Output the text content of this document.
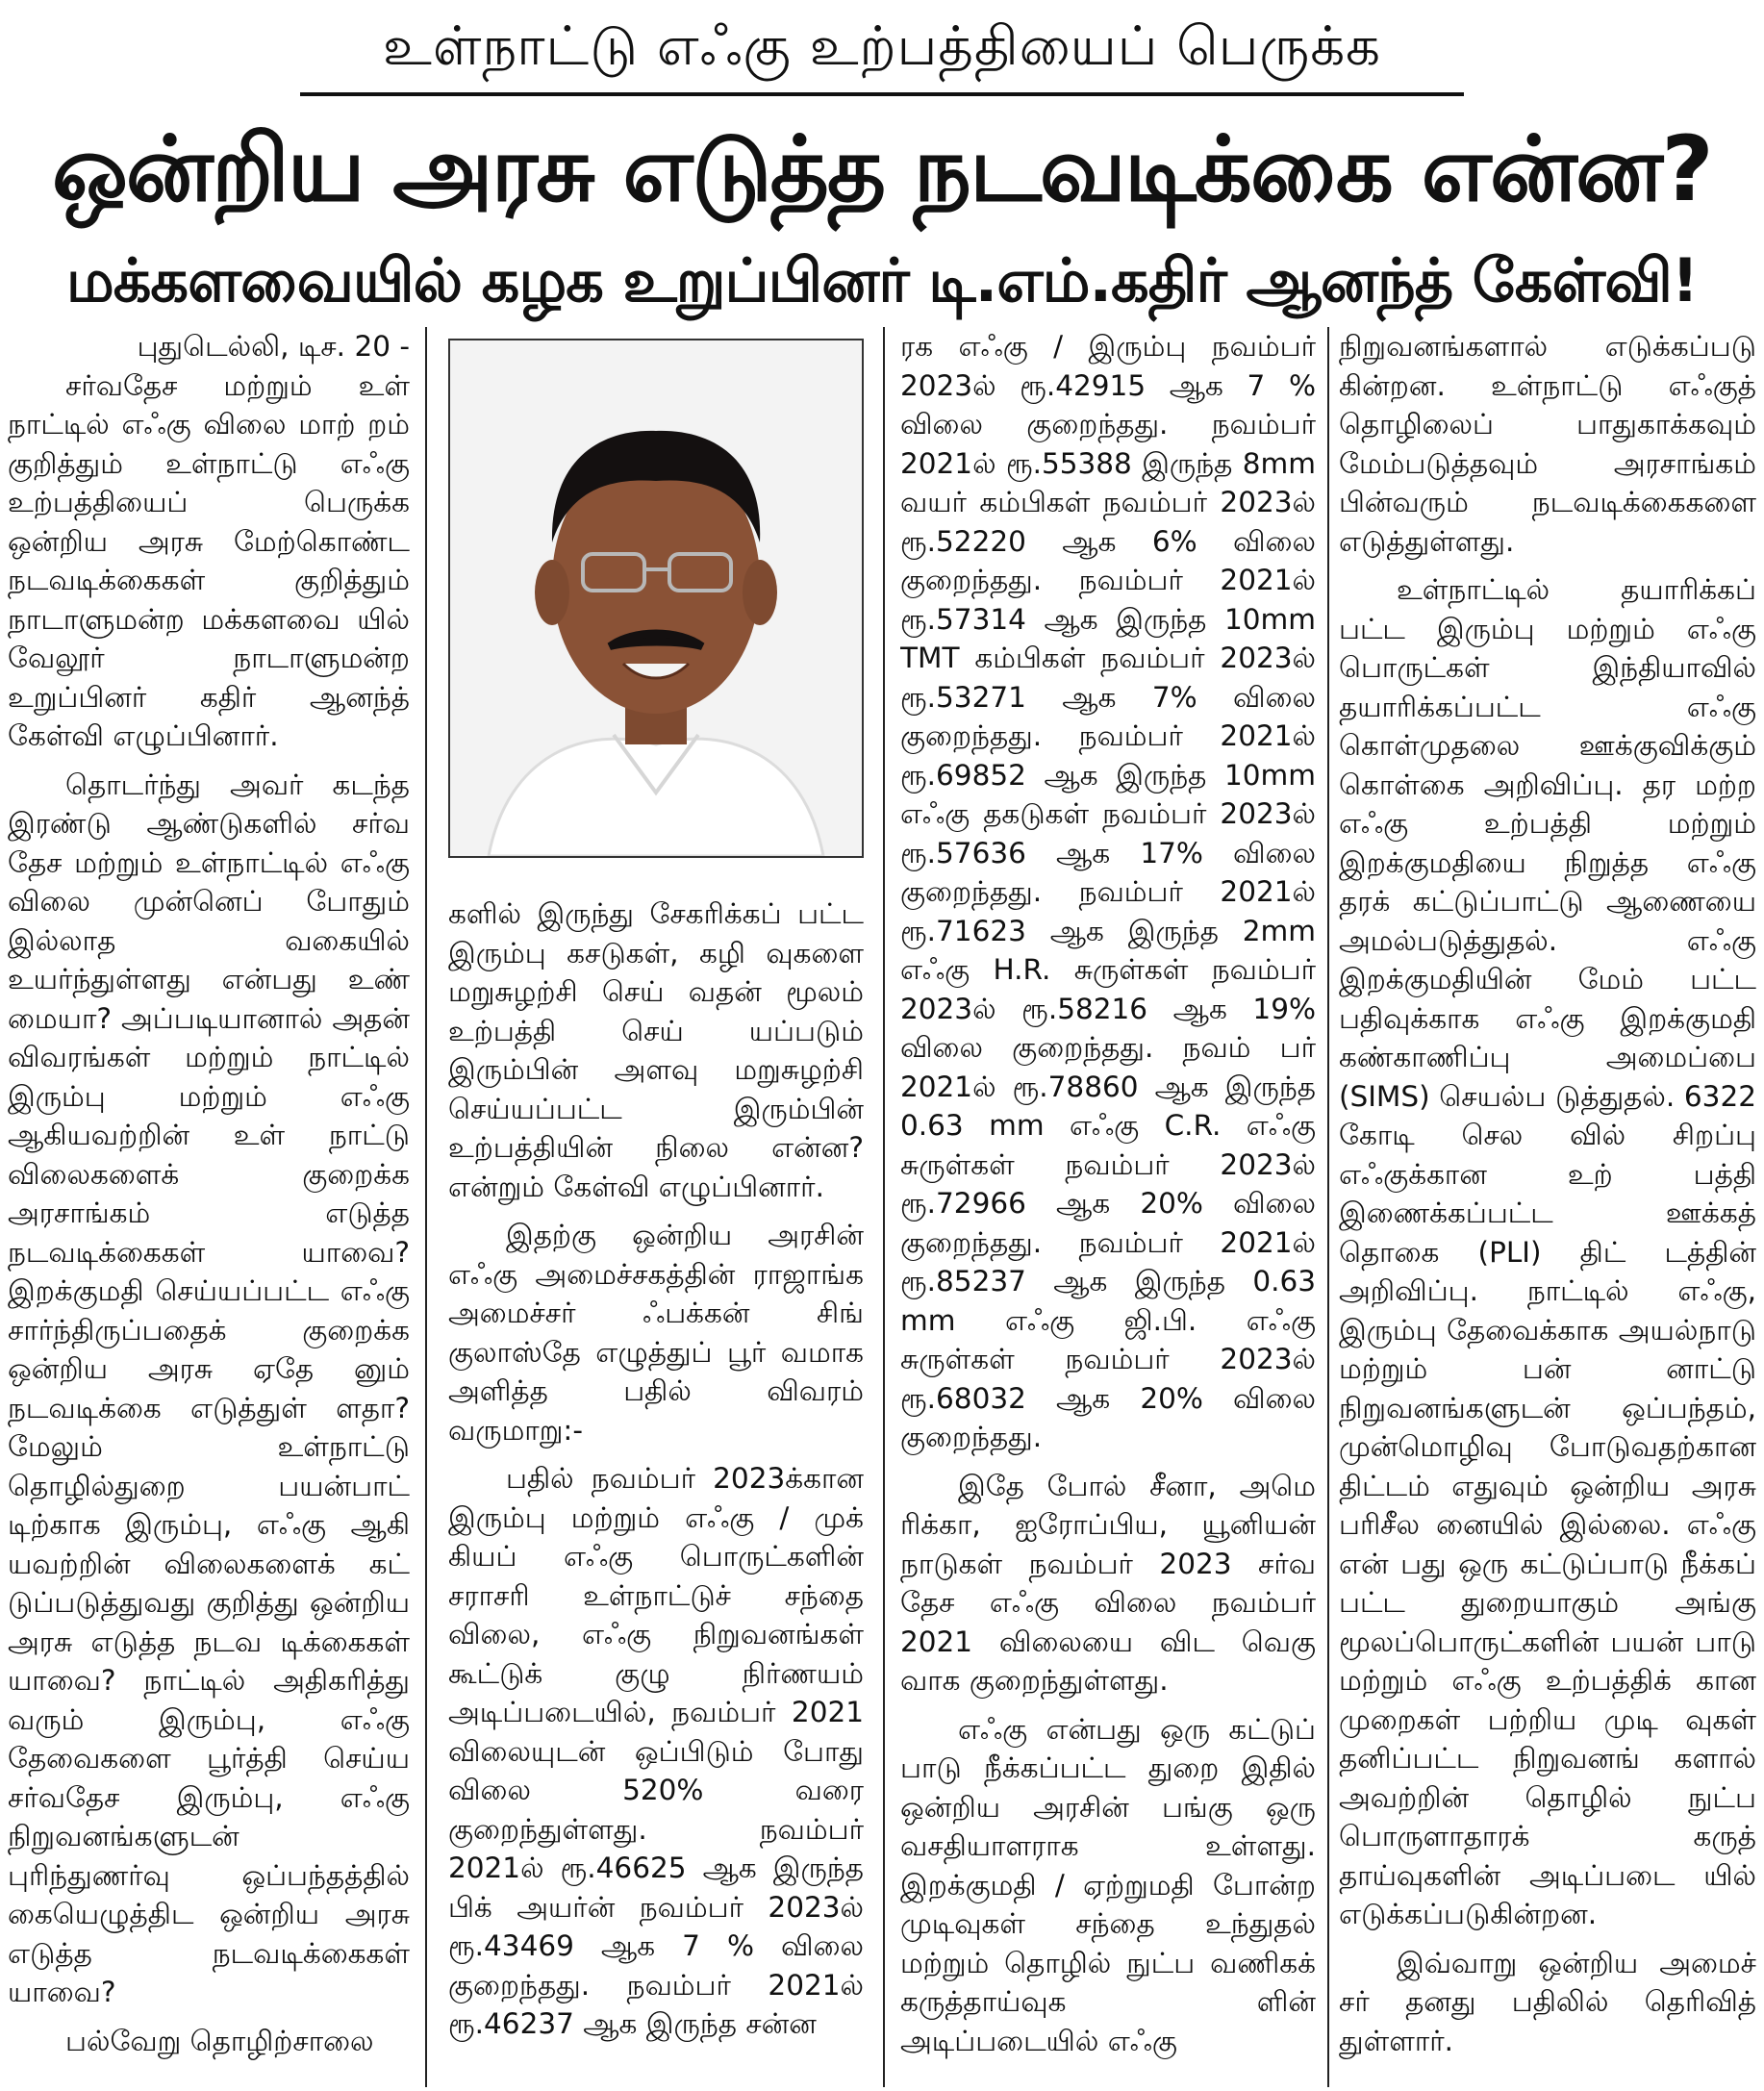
உள்நாட்டு எஃகு உற்பத்தியைப் பெருக்க
ஒன்றிய அரசு எடுத்த நடவடிக்கை என்ன?
மக்களவையில் கழக உறுப்பினர் டி.எம்.கதிர் ஆனந்த் கேள்வி!
புதுடெல்லி, டிச. 20 -

சர்வதேச மற்றும் உள் நாட்டில் எஃகு விலை மாற் றம் குறித்தும் உள்நாட்டு எஃகு உற்பத்தியைப் பெருக்க ஒன்றிய அரசு மேற்கொண்ட நடவடிக்கைகள் குறித்தும் நாடாளுமன்ற மக்களவை யில் வேலூர் நாடாளுமன்ற உறுப்பினர் கதிர் ஆனந்த் கேள்வி எழுப்பினார்.

தொடர்ந்து அவர் கடந்த இரண்டு ஆண்டுகளில் சர்வ தேச மற்றும் உள்நாட்டில் எஃகு விலை முன்னெப் போதும் இல்லாத வகையில் உயர்ந்துள்ளது என்பது உண் மையா? அப்படியானால் அதன் விவரங்கள் மற்றும் நாட்டில் இரும்பு மற்றும் எஃகு ஆகியவற்றின் உள் நாட்டு விலைகளைக் குறைக்க அரசாங்கம் எடுத்த நடவடிக்கைகள் யாவை? இறக்குமதி செய்யப்பட்ட எஃகு சார்ந்திருப்பதைக் குறைக்க ஒன்றிய அரசு ஏதே னும் நடவடிக்கை எடுத்துள் ளதா? மேலும் உள்நாட்டு தொழில்துறை பயன்பாட் டிற்காக இரும்பு, எஃகு ஆகி யவற்றின் விலைகளைக் கட் டுப்படுத்துவது குறித்து ஒன்றிய அரசு எடுத்த நடவ டிக்கைகள் யாவை? நாட்டில் அதிகரித்து வரும் இரும்பு, எஃகு தேவைகளை பூர்த்தி செய்ய சர்வதேச இரும்பு, எஃகு நிறுவனங்களுடன் புரிந்துணர்வு ஒப்பந்தத்தில் கையெழுத்திட ஒன்றிய அரசு எடுத்த நடவடிக்கைகள் யாவை?

பல்வேறு தொழிற்சாலை

களில் இருந்து சேகரிக்கப் பட்ட இரும்பு கசடுகள், கழி வுகளை மறுசுழற்சி செய் வதன் மூலம் உற்பத்தி செய் யப்படும் இரும்பின் அளவு மறுசுழற்சி செய்யப்பட்ட இரும்பின் உற்பத்தியின் நிலை என்ன? என்றும் கேள்வி எழுப்பினார்.

இதற்கு ஒன்றிய அரசின் எஃகு அமைச்சகத்தின் ராஜாங்க அமைச்சர் ஃபக்கன் சிங் குலாஸ்தே எழுத்துப் பூர் வமாக அளித்த பதில் விவரம் வருமாறு:-

பதில் நவம்பர் 2023க்கான இரும்பு மற்றும் எஃகு / முக் கியப் எஃகு பொருட்களின் சராசரி உள்நாட்டுச் சந்தை விலை, எஃகு நிறுவனங்கள் கூட்டுக் குழு நிர்ணயம் அடிப்படையில், நவம்பர் 2021 விலையுடன் ஒப்பிடும் போது விலை 520% வரை குறைந்துள்ளது. நவம்பர் 2021ல் ரூ.46625 ஆக இருந்த பிக் அயர்ன் நவம்பர் 2023ல் ரூ.43469 ஆக 7 % விலை குறைந்தது. நவம்பர் 2021ல் ரூ.46237 ஆக இருந்த சன்ன

ரக எஃகு / இரும்பு நவம்பர் 2023ல் ரூ.42915 ஆக 7 % விலை குறைந்தது. நவம்பர் 2021ல் ரூ.55388 இருந்த 8mm வயர் கம்பிகள் நவம்பர் 2023ல் ரூ.52220 ஆக 6% விலை குறைந்தது. நவம்பர் 2021ல் ரூ.57314 ஆக இருந்த 10mm TMT கம்பிகள் நவம்பர் 2023ல் ரூ.53271 ஆக 7% விலை குறைந்தது. நவம்பர் 2021ல் ரூ.69852 ஆக இருந்த 10mm எஃகு தகடுகள் நவம்பர் 2023ல் ரூ.57636 ஆக 17% விலை குறைந்தது. நவம்பர் 2021ல் ரூ.71623 ஆக இருந்த 2mm எஃகு H.R. சுருள்கள் நவம்பர் 2023ல் ரூ.58216 ஆக 19% விலை குறைந்தது. நவம் பர் 2021ல் ரூ.78860 ஆக இருந்த 0.63 mm எஃகு C.R. எஃகு சுருள்கள் நவம்பர் 2023ல் ரூ.72966 ஆக 20% விலை குறைந்தது. நவம்பர் 2021ல் ரூ.85237 ஆக இருந்த 0.63 mm எஃகு ஜி.பி. எஃகு சுருள்கள் நவம்பர் 2023ல் ரூ.68032 ஆக 20% விலை குறைந்தது.

இதே போல் சீனா, அமெ ரிக்கா, ஐரோப்பிய, யூனியன் நாடுகள் நவம்பர் 2023 சர்வ தேச எஃகு விலை நவம்பர் 2021 விலையை விட வெகு வாக குறைந்துள்ளது.

எஃகு என்பது ஒரு கட்டுப் பாடு நீக்கப்பட்ட துறை இதில் ஒன்றிய அரசின் பங்கு ஒரு வசதியாளராக உள்ளது. இறக்குமதி / ஏற்றுமதி போன்ற முடிவுகள் சந்தை உந்துதல் மற்றும் தொழில் நுட்ப வணிகக் கருத்தாய்வுக ளின் அடிப்படையில் எஃகு

நிறுவனங்களால் எடுக்கப்படு கின்றன. உள்நாட்டு எஃகுத் தொழிலைப் பாதுகாக்கவும் மேம்படுத்தவும் அரசாங்கம் பின்வரும் நடவடிக்கைகளை எடுத்துள்ளது.

உள்நாட்டில் தயாரிக்கப் பட்ட இரும்பு மற்றும் எஃகு பொருட்கள் இந்தியாவில் தயாரிக்கப்பட்ட எஃகு கொள்முதலை ஊக்குவிக்கும் கொள்கை அறிவிப்பு. தர மற்ற எஃகு உற்பத்தி மற்றும் இறக்குமதியை நிறுத்த எஃகு தரக் கட்டுப்பாட்டு ஆணையை அமல்படுத்துதல். எஃகு இறக்குமதியின் மேம் பட்ட பதிவுக்காக எஃகு இறக்குமதி கண்காணிப்பு அமைப்பை (SIMS) செயல்ப டுத்துதல். 6322 கோடி செல வில் சிறப்பு எஃகுக்கான உற் பத்தி இணைக்கப்பட்ட ஊக்கத் தொகை (PLI) திட் டத்தின் அறிவிப்பு. நாட்டில் எஃகு, இரும்பு தேவைக்காக அயல்நாடு மற்றும் பன் னாட்டு நிறுவனங்களுடன் ஒப்பந்தம், முன்மொழிவு போடுவதற்கான திட்டம் எதுவும் ஒன்றிய அரசு பரிசீல னையில் இல்லை. எஃகு என் பது ஒரு கட்டுப்பாடு நீக்கப் பட்ட துறையாகும் அங்கு மூலப்பொருட்களின் பயன் பாடு மற்றும் எஃகு உற்பத்திக் கான முறைகள் பற்றிய முடி வுகள் தனிப்பட்ட நிறுவனங் களால் அவற்றின் தொழில் நுட்ப பொருளாதாரக் கருத் தாய்வுகளின் அடிப்படை யில் எடுக்கப்படுகின்றன.

இவ்வாறு ஒன்றிய அமைச் சர் தனது பதிலில் தெரிவித் துள்ளார்.
